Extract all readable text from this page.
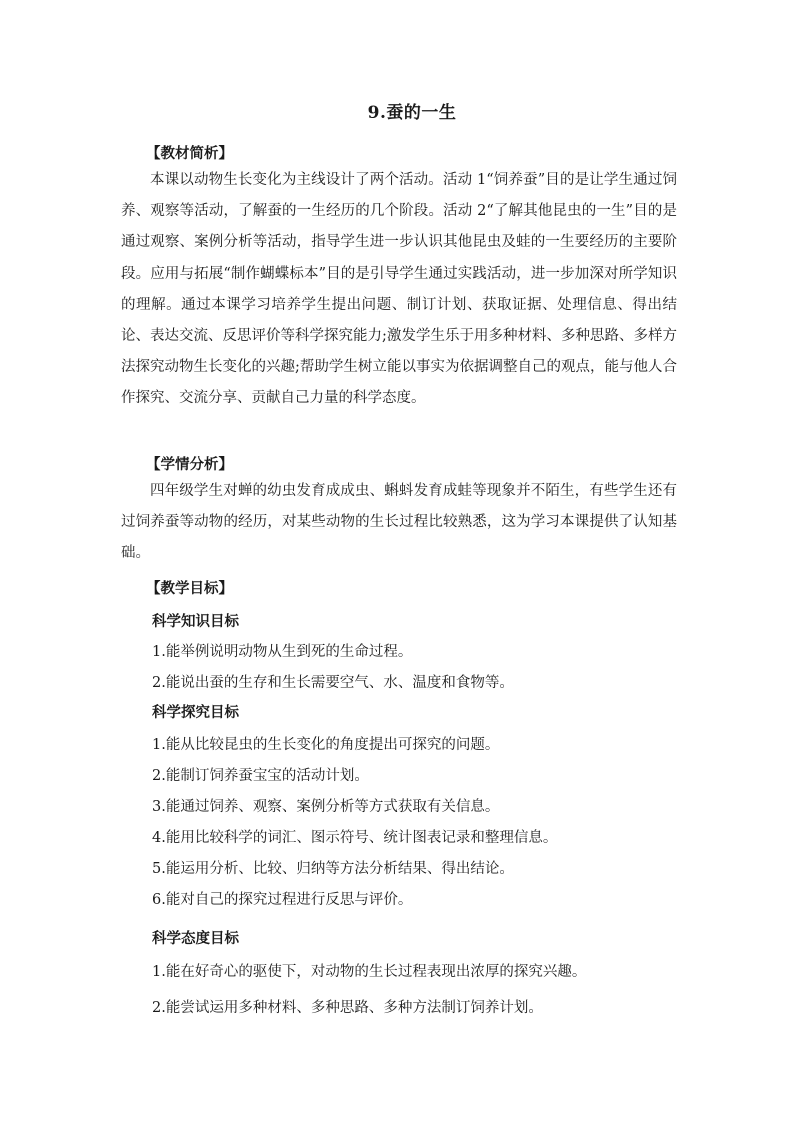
9.蚕的一生
【教材简析】

本课以动物生长变化为主线设计了两个活动。活动 1“饲养蚕”目的是让学生通过饲养、观察等活动，了解蚕的一生经历的几个阶段。活动 2“了解其他昆虫的一生”目的是通过观察、案例分析等活动，指导学生进一步认识其他昆虫及蛙的一生要经历的主要阶段。应用与拓展“制作蝴蝶标本”目的是引导学生通过实践活动，进一步加深对所学知识的理解。通过本课学习培养学生提出问题、制订计划、获取证据、处理信息、得出结论、表达交流、反思评价等科学探究能力;激发学生乐于用多种材料、多种思路、多样方法探究动物生长变化的兴趣;帮助学生树立能以事实为依据调整自己的观点，能与他人合作探究、交流分享、贡献自己力量的科学态度。

【学情分析】

四年级学生对蝉的幼虫发育成成虫、蝌蚪发育成蛙等现象并不陌生，有些学生还有过饲养蚕等动物的经历，对某些动物的生长过程比较熟悉，这为学习本课提供了认知基础。

【教学目标】
科学知识目标
1.能举例说明动物从生到死的生命过程。
2.能说出蚕的生存和生长需要空气、水、温度和食物等。
科学探究目标
1.能从比较昆虫的生长变化的角度提出可探究的问题。
2.能制订饲养蚕宝宝的活动计划。
3.能通过饲养、观察、案例分析等方式获取有关信息。
4.能用比较科学的词汇、图示符号、统计图表记录和整理信息。
5.能运用分析、比较、归纳等方法分析结果、得出结论。
6.能对自己的探究过程进行反思与评价。
科学态度目标
1.能在好奇心的驱使下，对动物的生长过程表现出浓厚的探究兴趣。
2.能尝试运用多种材料、多种思路、多种方法制订饲养计划。
